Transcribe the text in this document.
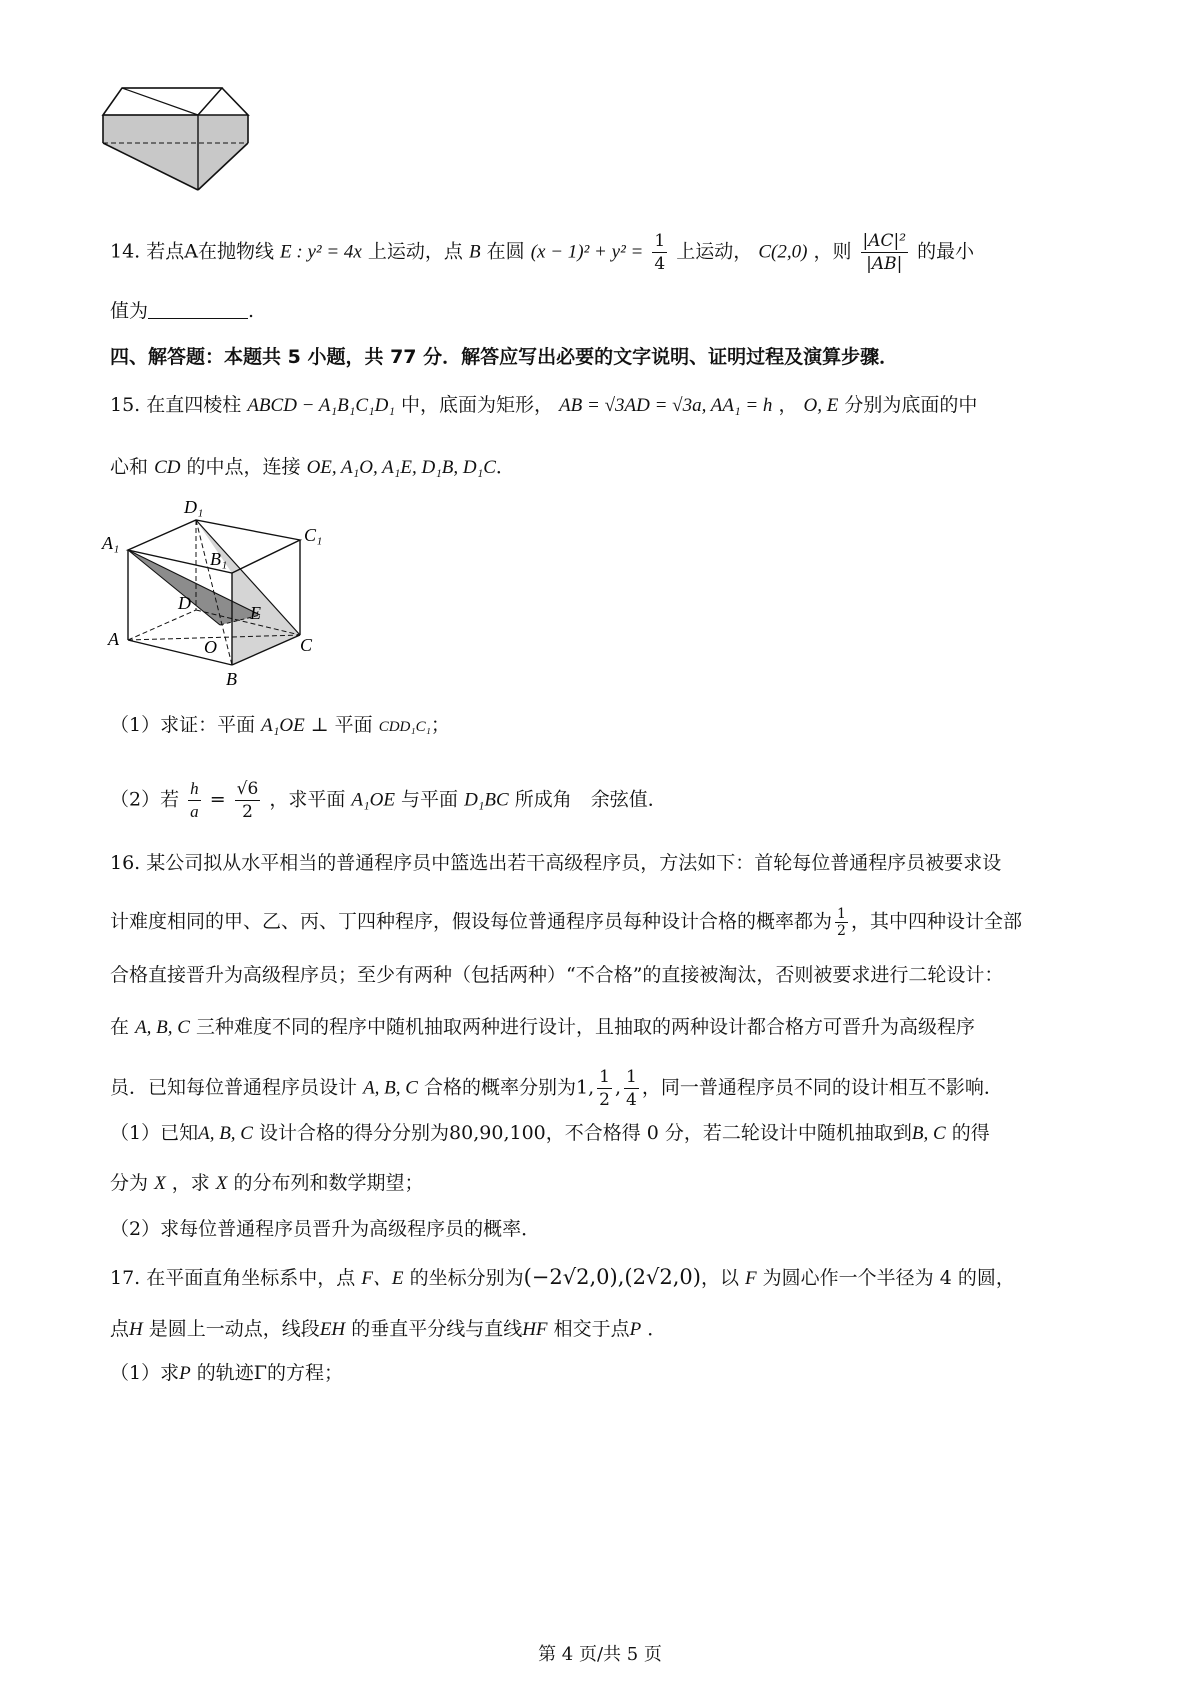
14. 若点A在抛物线 E : y² = 4x 上运动，点 B 在圆 $(x - 1)^2 + y^2 = \frac{1}{4}$ 上运动， C(2,0) ，则 $\frac{\text{|AC|²}}{|AB|}$ 的最小
值为	.
四、解答题：本题共 5 小题，共 77 分．解答应写出必要的文字说明、证明过程及演算步骤．
15. 在直四棱柱 ABCD − A₁B₁C₁D₁ 中，底面为矩形， AB = √3AD = √3a, AA₁ = h ， O, E 分别为底面的中
心和 CD 的中点，连接 OE, A₁O, A₁E, D₁B, D₁C．
D₁
A₁	C₁
B₁
D	E
A	O	C
B
（1）求证：平面 A₁OE ⊥ 平面 CDD₁C₁；
（2）若 $\frac{h}{a} = \frac{√6}{2}$ ，求平面 A₁OE 与平面 D₁BC 所成角　余弦值．
16. 某公司拟从水平相当的普通程序员中篮选出若干高级程序员，方法如下：首轮每位普通程序员被要求设
计难度相同的甲、乙、丙、丁四种程序，假设每位普通程序员每种设计合格的概率都为 $\frac{1}{2}$ ，其中四种设计全部
合格直接晋升为高级程序员；至少有两种（包括两种）“不合格”的直接被淘汰，否则被要求进行二轮设计：
在 A, B, C 三种难度不同的程序中随机抽取两种进行设计，且抽取的两种设计都合格方可晋升为高级程序
员．已知每位普通程序员设计 A, B, C 合格的概率分别为1, $\frac{1}{2}$ , $\frac{1}{4}$ ，同一普通程序员不同的设计相互不影响．
（1）已知A, B, C 设计合格的得分分别为80,90,100，不合格得 0 分，若二轮设计中随机抽取到B, C 的得
分为 X ，求 X 的分布列和数学期望；
（2）求每位普通程序员晋升为高级程序员的概率．
17. 在平面直角坐标系中，点 F、E 的坐标分别为(−2√2,0),(2√2,0)，以 F 为圆心作一个半径为 4 的圆，
点H 是圆上一动点，线段EH 的垂直平分线与直线HF 相交于点P ．
（1）求P 的轨迹Γ的方程；
第 4 页/共 5 页
